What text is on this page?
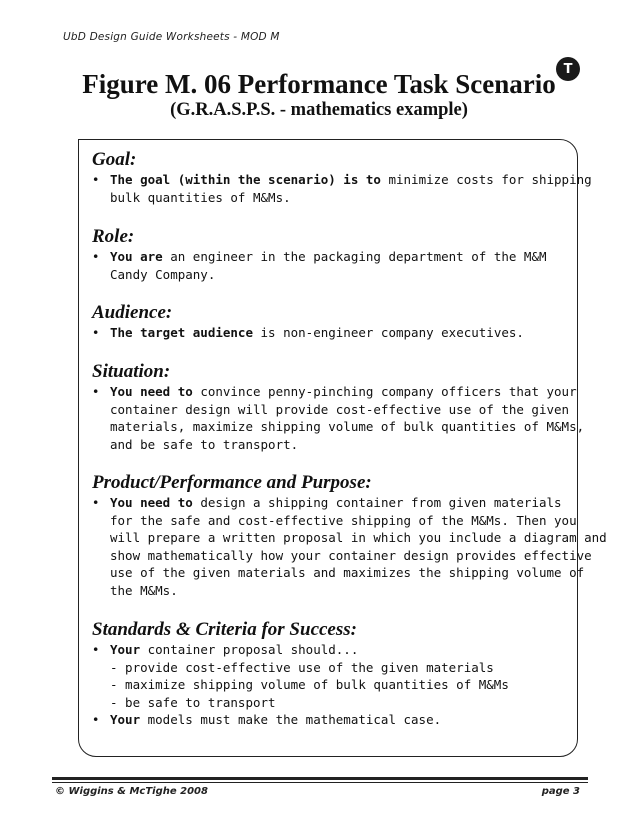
UbD Design Guide Worksheets - MOD M
T
Figure M. 06 Performance Task Scenario
(G.R.A.S.P.S. - mathematics example)
Goal:
• The goal (within the scenario) is to minimize costs for shipping
bulk quantities of M&Ms.
Role:
• You are an engineer in the packaging department of the M&M
Candy Company.
Audience:
• The target audience is non-engineer company executives.
Situation:
• You need to convince penny-pinching company officers that your
container design will provide cost-effective use of the given
materials, maximize shipping volume of bulk quantities of M&Ms,
and be safe to transport.
Product/Performance and Purpose:
• You need to design a shipping container from given materials
for the safe and cost-effective shipping of the M&Ms. Then you
will prepare a written proposal in which you include a diagram and
show mathematically how your container design provides effective
use of the given materials and maximizes the shipping volume of
the M&Ms.
Standards & Criteria for Success:
• Your container proposal should...
- provide cost-effective use of the given materials
- maximize shipping volume of bulk quantities of M&Ms
- be safe to transport
• Your models must make the mathematical case.
© Wiggins & McTighe 2008	page 3
